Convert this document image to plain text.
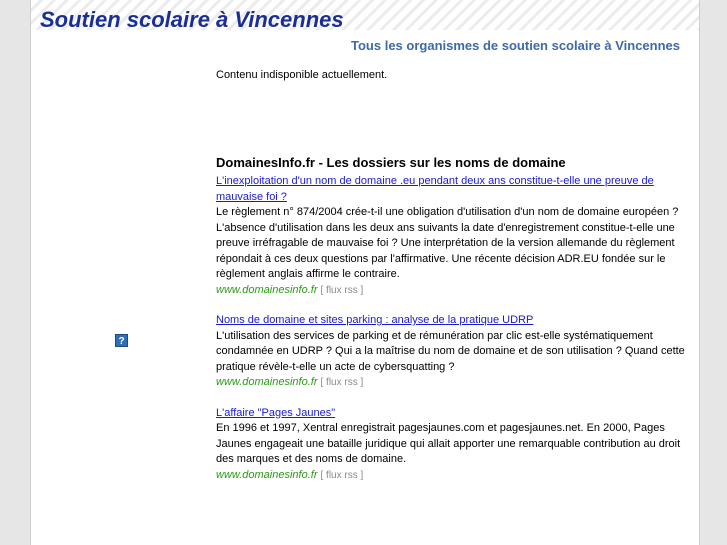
Soutien scolaire à Vincennes
Tous les organismes de soutien scolaire à Vincennes
Contenu indisponible actuellement.
?
DomainesInfo.fr - Les dossiers sur les noms de domaine
L'inexploitation d'un nom de domaine .eu pendant deux ans constitue-t-elle une preuve de mauvaise foi ?

Le règlement n° 874/2004 crée-t-il une obligation d'utilisation d'un nom de domaine européen ? L'absence d'utilisation dans les deux ans suivants la date d'enregistrement constitue-t-elle une preuve irréfragable de mauvaise foi ? Une interprétation de la version allemande du règlement répondait à ces deux questions par l'affirmative. Une récente décision ADR.EU fondée sur le règlement anglais affirme le contraire.

www.domainesinfo.fr [ flux rss ]
Noms de domaine et sites parking : analyse de la pratique UDRP

L'utilisation des services de parking et de rémunération par clic est-elle systématiquement condamnée en UDRP ? Qui a la maîtrise du nom de domaine et de son utilisation ? Quand cette pratique révèle-t-elle un acte de cybersquatting ?

www.domainesinfo.fr [ flux rss ]
L'affaire "Pages Jaunes"

En 1996 et 1997, Xentral enregistrait pagesjaunes.com et pagesjaunes.net. En 2000, Pages Jaunes engageait une bataille juridique qui allait apporter une remarquable contribution au droit des marques et des noms de domaine.

www.domainesinfo.fr [ flux rss ]
